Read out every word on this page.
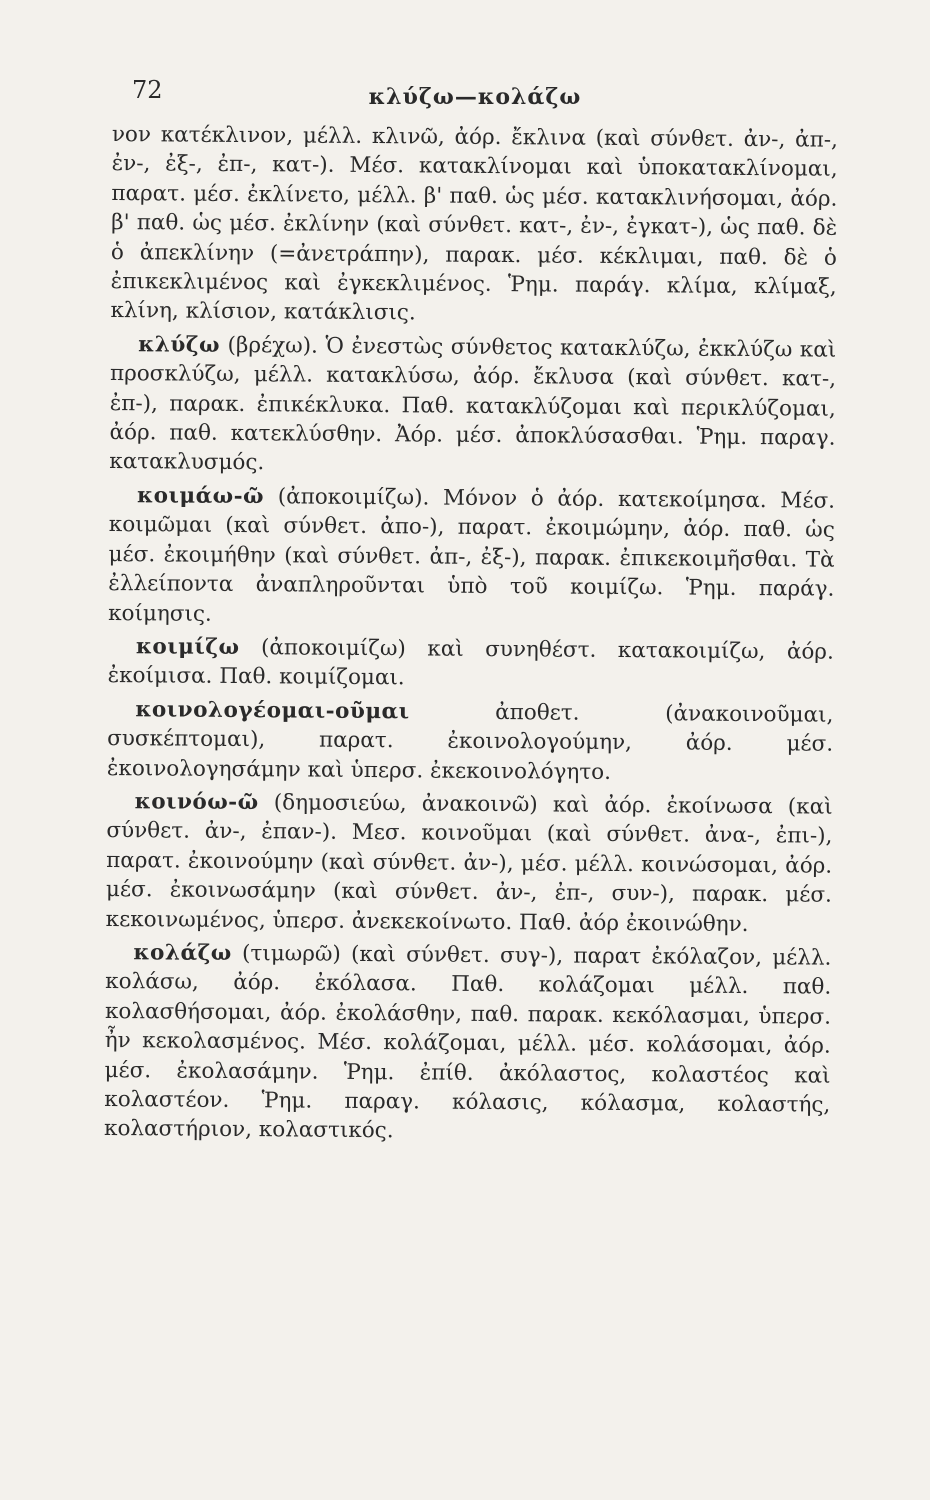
72	κλύζω—κολάζω

νον κατέκλινον, μέλλ. κλινῶ, ἀόρ. ἔκλινα (καὶ σύνθετ. ἀν-, ἀπ-, ἐν-, ἐξ-, ἐπ-, κατ-). Μέσ. κατακλίνομαι καὶ ὑποκατακλίνομαι, παρατ. μέσ. ἐκλίνετο, μέλλ. β' παθ. ὡς μέσ. κατακλινήσομαι, ἀόρ. β' παθ. ὡς μέσ. ἐκλίνην (καὶ σύνθετ. κατ-, ἐν-, ἐγκατ-), ὡς παθ. δὲ ὁ ἀπεκλίνην (=ἀνετράπην), παρακ. μέσ. κέκλιμαι, παθ. δὲ ὁ ἐπικεκλιμένος καὶ ἐγκεκλιμένος. Ῥημ. παράγ. κλίμα, κλίμαξ, κλίνη, κλίσιον, κατάκλισις.

κλύζω (βρέχω). Ὁ ἐνεστὼς σύνθετος κατακλύζω, ἐκκλύζω καὶ προσκλύζω, μέλλ. κατακλύσω, ἀόρ. ἔκλυσα (καὶ σύνθετ. κατ-, ἐπ-), παρακ. ἐπικέκλυκα. Παθ. κατακλύζομαι καὶ περικλύζομαι, ἀόρ. παθ. κατεκλύσθην. Ἀόρ. μέσ. ἀποκλύσασθαι. Ῥημ. παραγ. κατακλυσμός.

κοιμάω-ῶ (ἀποκοιμίζω). Μόνον ὁ ἀόρ. κατεκοίμησα. Μέσ. κοιμῶμαι (καὶ σύνθετ. ἀπο-), παρατ. ἐκοιμώμην, ἀόρ. παθ. ὡς μέσ. ἐκοιμήθην (καὶ σύνθετ. ἀπ-, ἐξ-), παρακ. ἐπικεκοιμῆσθαι. Τὰ ἐλλείποντα ἀναπληροῦνται ὑπὸ τοῦ κοιμίζω. Ῥημ. παράγ. κοίμησις.

κοιμίζω (ἀποκοιμίζω) καὶ συνηθέστ. κατακοιμίζω, ἀόρ. ἐκοίμισα. Παθ. κοιμίζομαι.

κοινολογέομαι-οῦμαι	ἀποθετ. (ἀνακοινοῦμαι, συσκέπτομαι), παρατ. ἐκοινολογούμην, ἀόρ. μέσ. ἐκοινολογησάμην καὶ ὑπερσ. ἐκεκοινολόγητο.

κοινόω-ῶ (δημοσιεύω, ἀνακοινῶ) καὶ ἀόρ. ἐκοίνωσα (καὶ σύνθετ. ἀν-, ἐπαν-). Μεσ. κοινοῦμαι (καὶ σύνθετ. ἀνα-, ἐπι-), παρατ. ἐκοινούμην (καὶ σύνθετ. ἀν-), μέσ. μέλλ. κοινώσομαι, ἀόρ. μέσ. ἐκοινωσάμην (καὶ σύνθετ. ἀν-, ἐπ-, συν-), παρακ. μέσ. κεκοινωμένος, ὑπερσ. ἀνεκεκοίνωτο. Παθ. ἀόρ ἐκοινώθην.

κολάζω (τιμωρῶ) (καὶ σύνθετ. συγ-), παρατ ἐκόλαζον, μέλλ. κολάσω, ἀόρ. ἐκόλασα. Παθ. κολάζομαι μέλλ. παθ. κολασθήσομαι, ἀόρ. ἐκολάσθην, παθ. παρακ. κεκόλασμαι, ὑπερσ. ἦν κεκολασμένος. Μέσ. κολάζομαι, μέλλ. μέσ. κολάσομαι, ἀόρ. μέσ. ἐκολασάμην. Ῥημ. ἐπίθ. ἀκόλαστος, κολαστέος καὶ κολαστέον. Ῥημ. παραγ. κόλασις, κόλασμα, κολαστής, κολαστήριον, κολαστικός.
